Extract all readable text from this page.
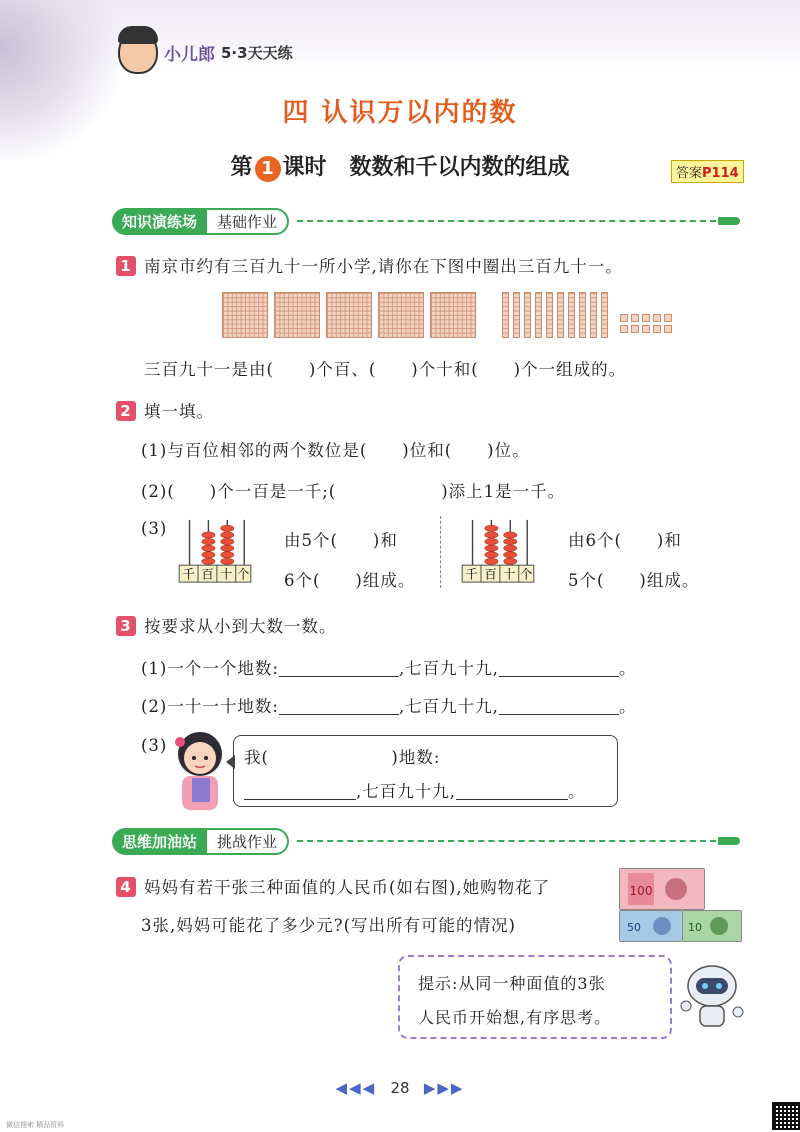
小儿郎 5·3天天练
四 认识万以内的数
第 1 课时 数数和千以内数的组成	答案P114
知识演练场	基础作业
1 南京市约有三百九十一所小学,请你在下图中圈出三百九十一。
三百九十一是由(　　)个百、(　　)个十和(　　)个一组成的。
2 填一填。
(1)与百位相邻的两个数位是(　　)位和(　　)位。
(2)(　　)个一百是一千;(　　　　　　)添上1是一千。
(3)
千 百 十 个
由5个(　　)和
6个(　　)组成。	千 百 十 个
由6个(　　)和
5个(　　)组成。
3 按要求从小到大数一数。
(1)一个一个地数:	,七百九十九,	。
(2)一十一十地数:	,七百九十九,	。
(3)
我(　　　　　　　)地数:
,七百九十九,	。
思维加油站	挑战作业
4 妈妈有若干张三种面值的人民币(如右图),她购物花了
3张,妈妈可能花了多少元?(写出所有可能的情况)
100
50	10
提示:从同一种面值的3张
人民币开始想,有序思考。
◀◀◀ 28 ▶▶▶
微信搜索 精品资料
